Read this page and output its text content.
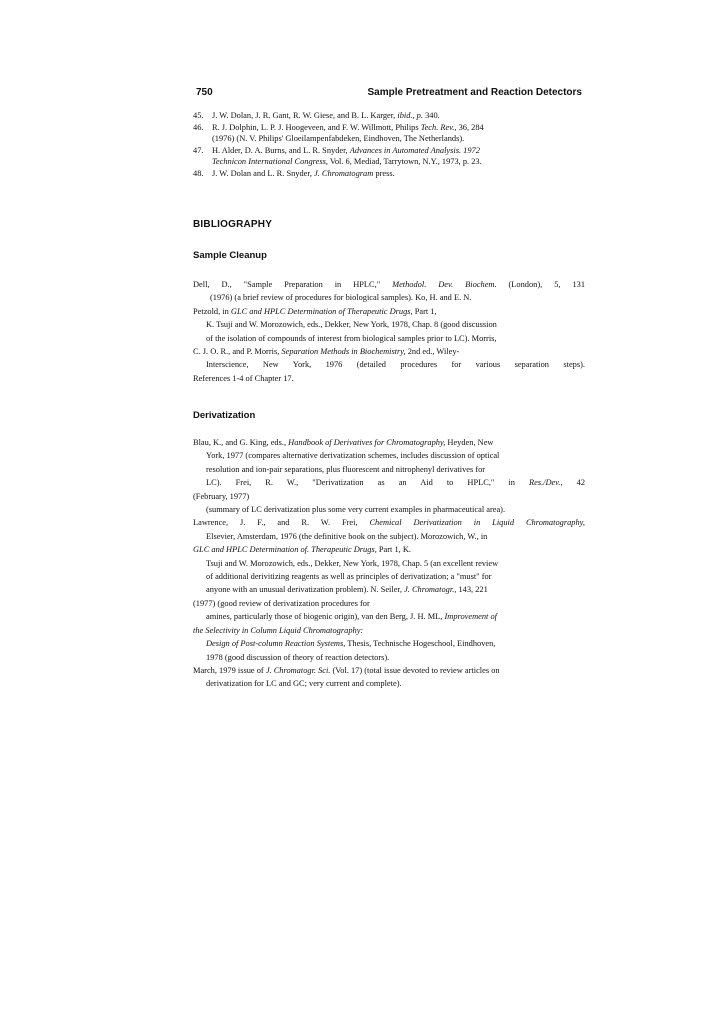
750	Sample Pretreatment and Reaction Detectors
45. J. W. Dolan, J. R. Gant, R. W. Giese, and B. L. Karger, ibid., p. 340.
46. R. J. Dolphin, L. P. J. Hoogeveen, and F. W. Willmott, Philips Tech. Rev., 36, 284
(1976) (N. V. Philips' Gloeilampenfabdeken, Eindhoven, The Netherlands).
47. H. Alder, D. A. Burns, and L. R. Snyder, Advances in Automated Analysis. 1972
Technicon International Congress, Vol. 6, Mediad, Tarrytown, N.Y., 1973, p. 23.
48. J. W. Dolan and L. R. Snyder, J. Chromatogram press.
BIBLIOGRAPHY
Sample Cleanup
Dell, D., "Sample Preparation in HPLC," Methodol. Dev. Biochem. (London), 5, 131
(1976) (a brief review of procedures for biological samples). Ko, H. and E. N.
Petzold, in GLC and HPLC Determination of Therapeutic Drugs, Part 1,
K. Tsuji and W. Morozowich, eds., Dekker, New York, 1978, Chap. 8 (good discussion
of the isolation of compounds of interest from biological samples prior to LC). Morris,
C. J. O. R., and P. Morris, Separation Methods in Biochemistry, 2nd ed., Wiley-
Interscience, New York, 1976 (detailed procedures for various separation steps).
References 1-4 of Chapter 17.
Derivatization
Blau, K., and G. King, eds., Handbook of Derivatives for Chromatography, Heyden, New
York, 1977 (compares alternative derivatization schemes, includes discussion of optical
resolution and ion-pair separations, plus fluorescent and nitrophenyl derivatives for
LC). Frei, R. W., "Derivatization as an Aid to HPLC," in Res./Dev., 42
(February, 1977)
(summary of LC derivatization plus some very current examples in pharmaceutical area).
Lawrence, J. F., and R. W. Frei, Chemical Derivatization in Liquid Chromatography,
Elsevier, Amsterdam, 1976 (the definitive book on the subject). Morozowich, W., in
GLC and HPLC Determination of. Therapeutic Drugs, Part 1, K.
Tsuji and W. Morozowich, eds., Dekker, New York, 1978, Chap. 5 (an excellent review
of additional derivitizing reagents as well as principles of derivatization; a "must" for
anyone with an unusual derivatization problem). N. Seiler, J. Chromatogr., 143, 221
(1977) (good review of derivatization procedures for
amines, particularly those of biogenic origin), van den Berg, J. H. ML, Improvement of
the Selectivity in Column Liquid Chromatography:
Design of Post-column Reaction Systems, Thesis, Technische Hogeschool, Eindhoven,
1978 (good discussion of theory of reaction detectors).
March, 1979 issue of J. Chromatogr. Sci. (Vol. 17) (total issue devoted to review articles on
derivatization for LC and GC; very current and complete).
